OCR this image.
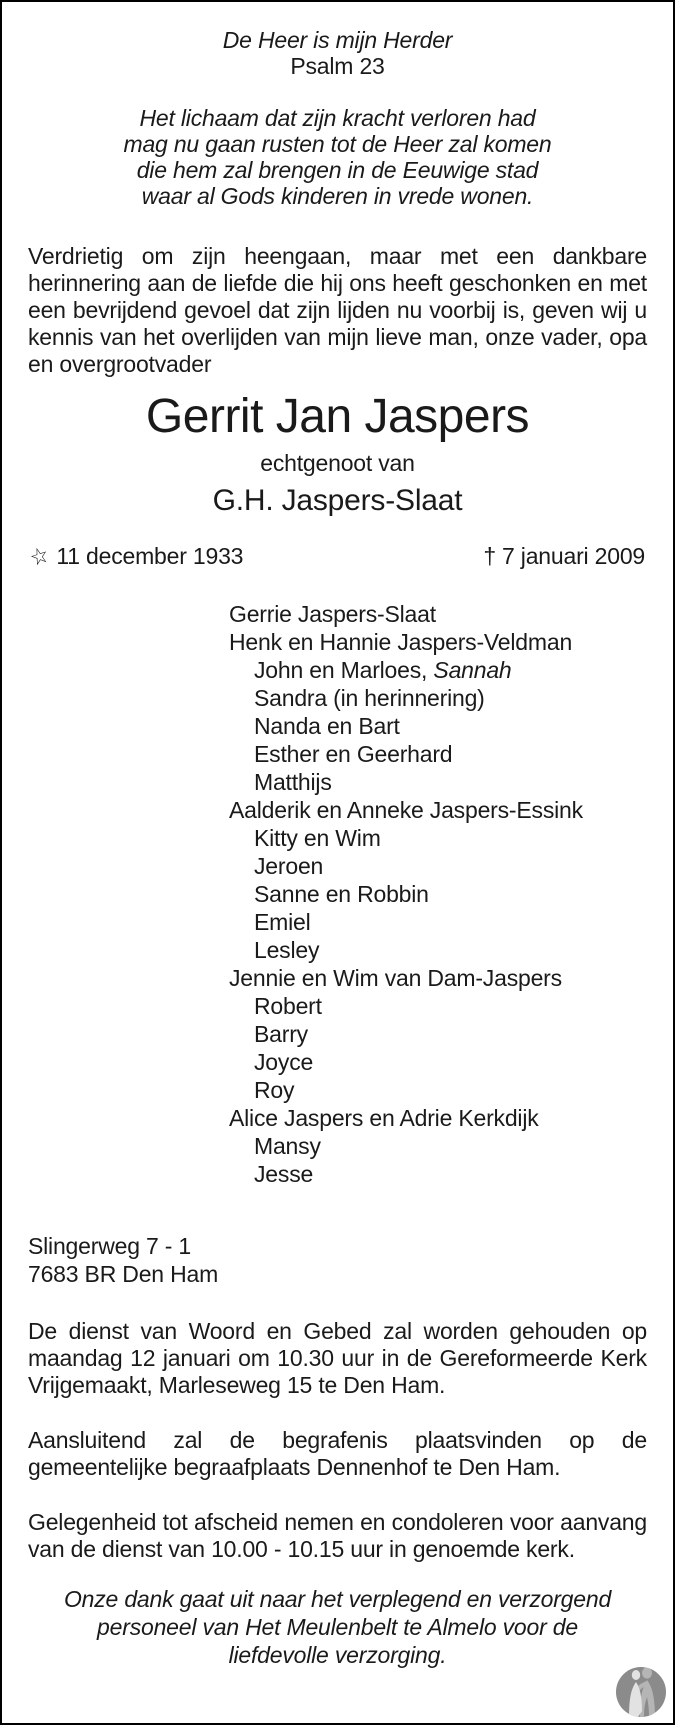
De Heer is mijn Herder
Psalm 23
Het lichaam dat zijn kracht verloren had
mag nu gaan rusten tot de Heer zal komen
die hem zal brengen in de Eeuwige stad
waar al Gods kinderen in vrede wonen.

Verdrietig om zijn heengaan, maar met een dankbare herinnering aan de liefde die hij ons heeft geschonken en met een bevrijdend gevoel dat zijn lijden nu voorbij is, geven wij u kennis van het overlijden van mijn lieve man, onze vader, opa en overgrootvader

Gerrit Jan Jaspers
echtgenoot van
G.H. Jaspers-Slaat
☆ 11 december 1933	† 7 januari 2009
Gerrie Jaspers-Slaat
Henk en Hannie Jaspers-Veldman
John en Marloes, Sannah
Sandra (in herinnering)
Nanda en Bart
Esther en Geerhard
Matthijs
Aalderik en Anneke Jaspers-Essink
Kitty en Wim
Jeroen
Sanne en Robbin
Emiel
Lesley
Jennie en Wim van Dam-Jaspers
Robert
Barry
Joyce
Roy
Alice Jaspers en Adrie Kerkdijk
Mansy
Jesse
Slingerweg 7 - 1
7683 BR Den Ham

De dienst van Woord en Gebed zal worden gehouden op maandag 12 januari om 10.30 uur in de Gereformeerde Kerk Vrijgemaakt, Marleseweg 15 te Den Ham.

Aansluitend zal de begrafenis plaatsvinden op de gemeentelijke begraafplaats Dennenhof te Den Ham.

Gelegenheid tot afscheid nemen en condoleren voor aanvang van de dienst van 10.00 - 10.15 uur in genoemde kerk.

Onze dank gaat uit naar het verplegend en verzorgend personeel van Het Meulenbelt te Almelo voor de liefdevolle verzorging.
